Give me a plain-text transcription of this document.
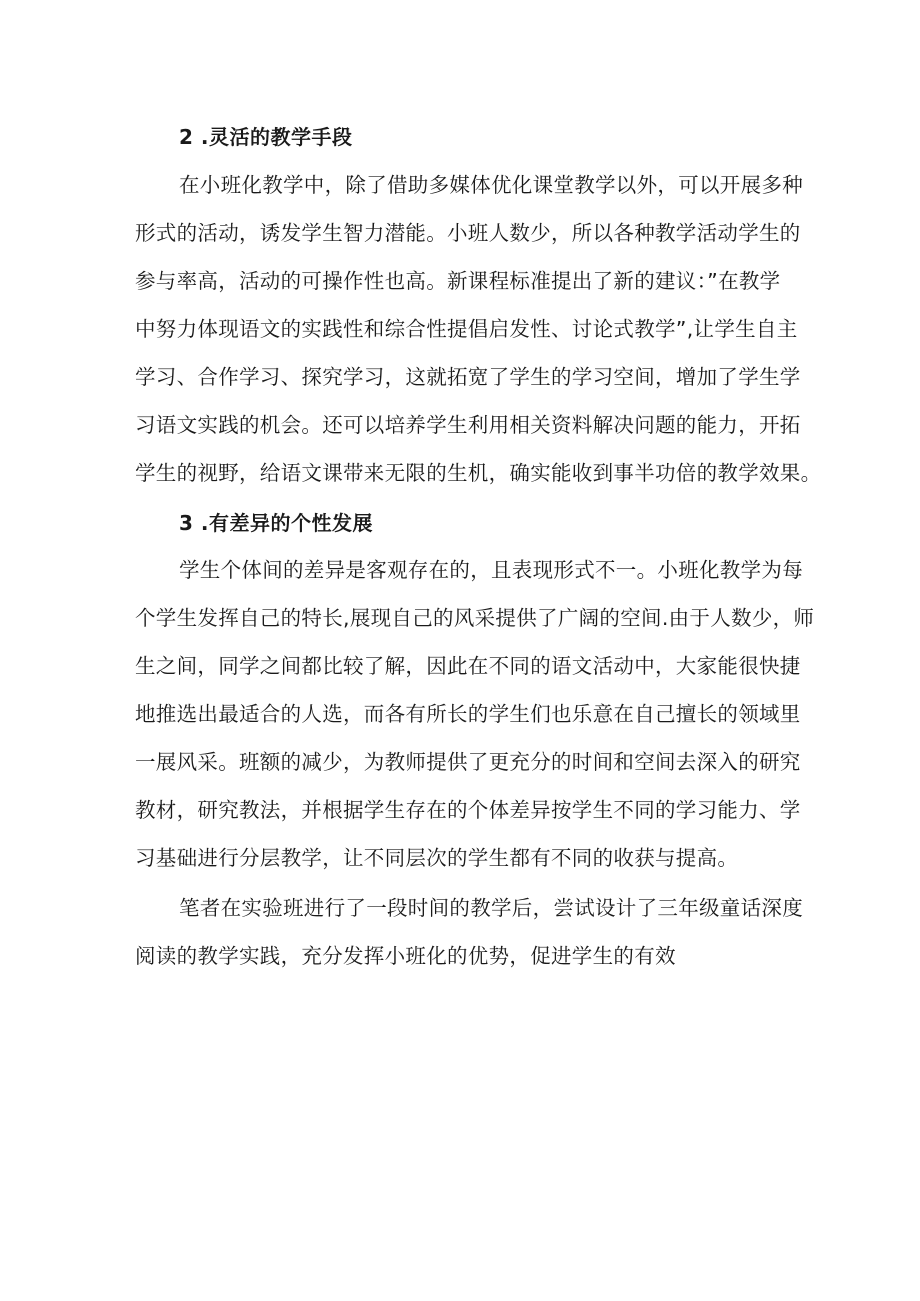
2 .灵活的教学手段

在小班化教学中，除了借助多媒体优化课堂教学以外，可以开展多种
形式的活动，诱发学生智力潜能。小班人数少，所以各种教学活动学生的
参与率高，活动的可操作性也高。新课程标准提出了新的建议：”在教学
中努力体现语文的实践性和综合性提倡启发性、讨论式教学”,让学生自主
学习、合作学习、探究学习，这就拓宽了学生的学习空间，增加了学生学
习语文实践的机会。还可以培养学生利用相关资料解决问题的能力，开拓
学生的视野，给语文课带来无限的生机，确实能收到事半功倍的教学效果。

3 .有差异的个性发展

学生个体间的差异是客观存在的，且表现形式不一。小班化教学为每
个学生发挥自己的特长,展现自己的风采提供了广阔的空间.由于人数少，师
生之间，同学之间都比较了解，因此在不同的语文活动中，大家能很快捷
地推选出最适合的人选，而各有所长的学生们也乐意在自己擅长的领域里
一展风采。班额的减少，为教师提供了更充分的时间和空间去深入的研究
教材，研究教法，并根据学生存在的个体差异按学生不同的学习能力、学
习基础进行分层教学，让不同层次的学生都有不同的收获与提高。

笔者在实验班进行了一段时间的教学后，尝试设计了三年级童话深度
阅读的教学实践，充分发挥小班化的优势，促进学生的有效
